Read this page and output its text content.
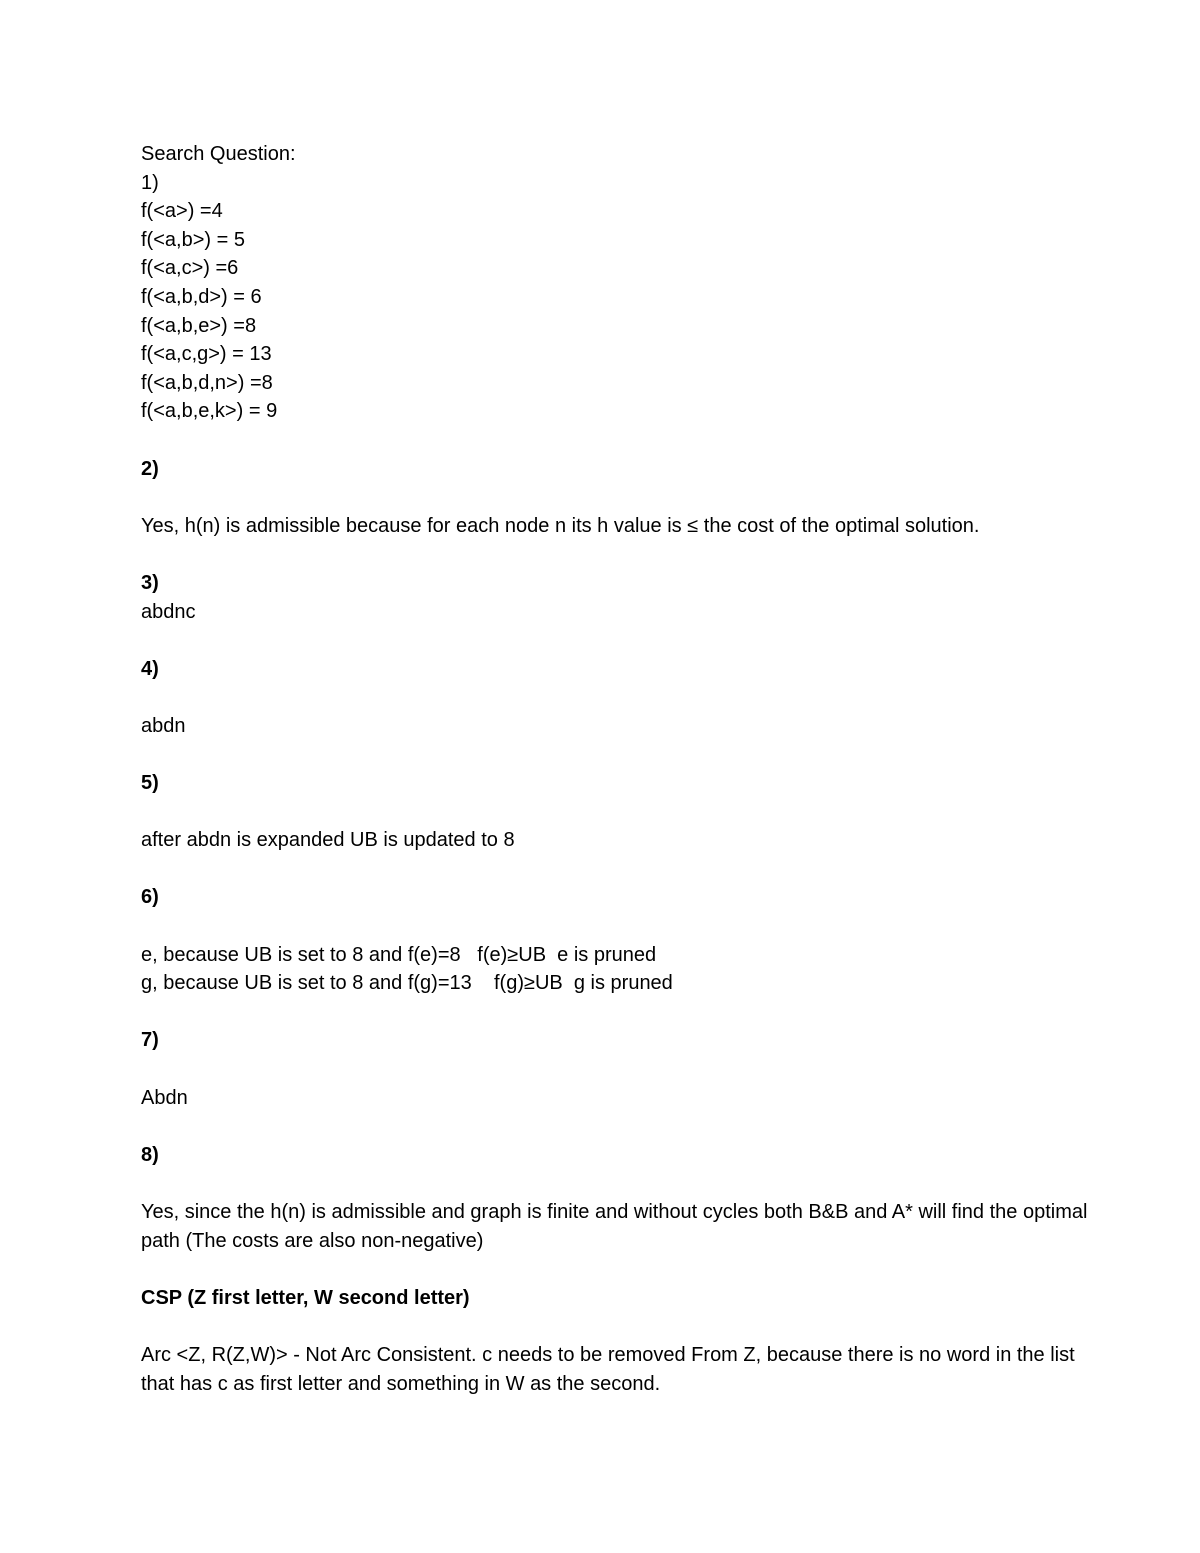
Search Question:
1)
f(<a>) =4
f(<a,b>) = 5
f(<a,c>) =6
f(<a,b,d>) = 6
f(<a,b,e>) =8
f(<a,c,g>) = 13
f(<a,b,d,n>) =8
f(<a,b,e,k>) = 9
2)
Yes, h(n) is admissible because for each node n its h value is ≤ the cost of the optimal solution.
3)
abdnc
4)
abdn
5)
after abdn is expanded UB is updated to 8
6)
e, because UB is set to 8 and f(e)=8   f(e)≥UB  e is pruned
g, because UB is set to 8 and f(g)=13    f(g)≥UB  g is pruned
7)
Abdn
8)
Yes, since the h(n) is admissible and graph is finite and without cycles both B&B and A* will find the optimal path (The costs are also non-negative)
CSP (Z first letter, W second letter)
Arc <Z, R(Z,W)> - Not Arc Consistent. c needs to be removed From Z, because there is no word in the list that has c as first letter and something in W as the second.
